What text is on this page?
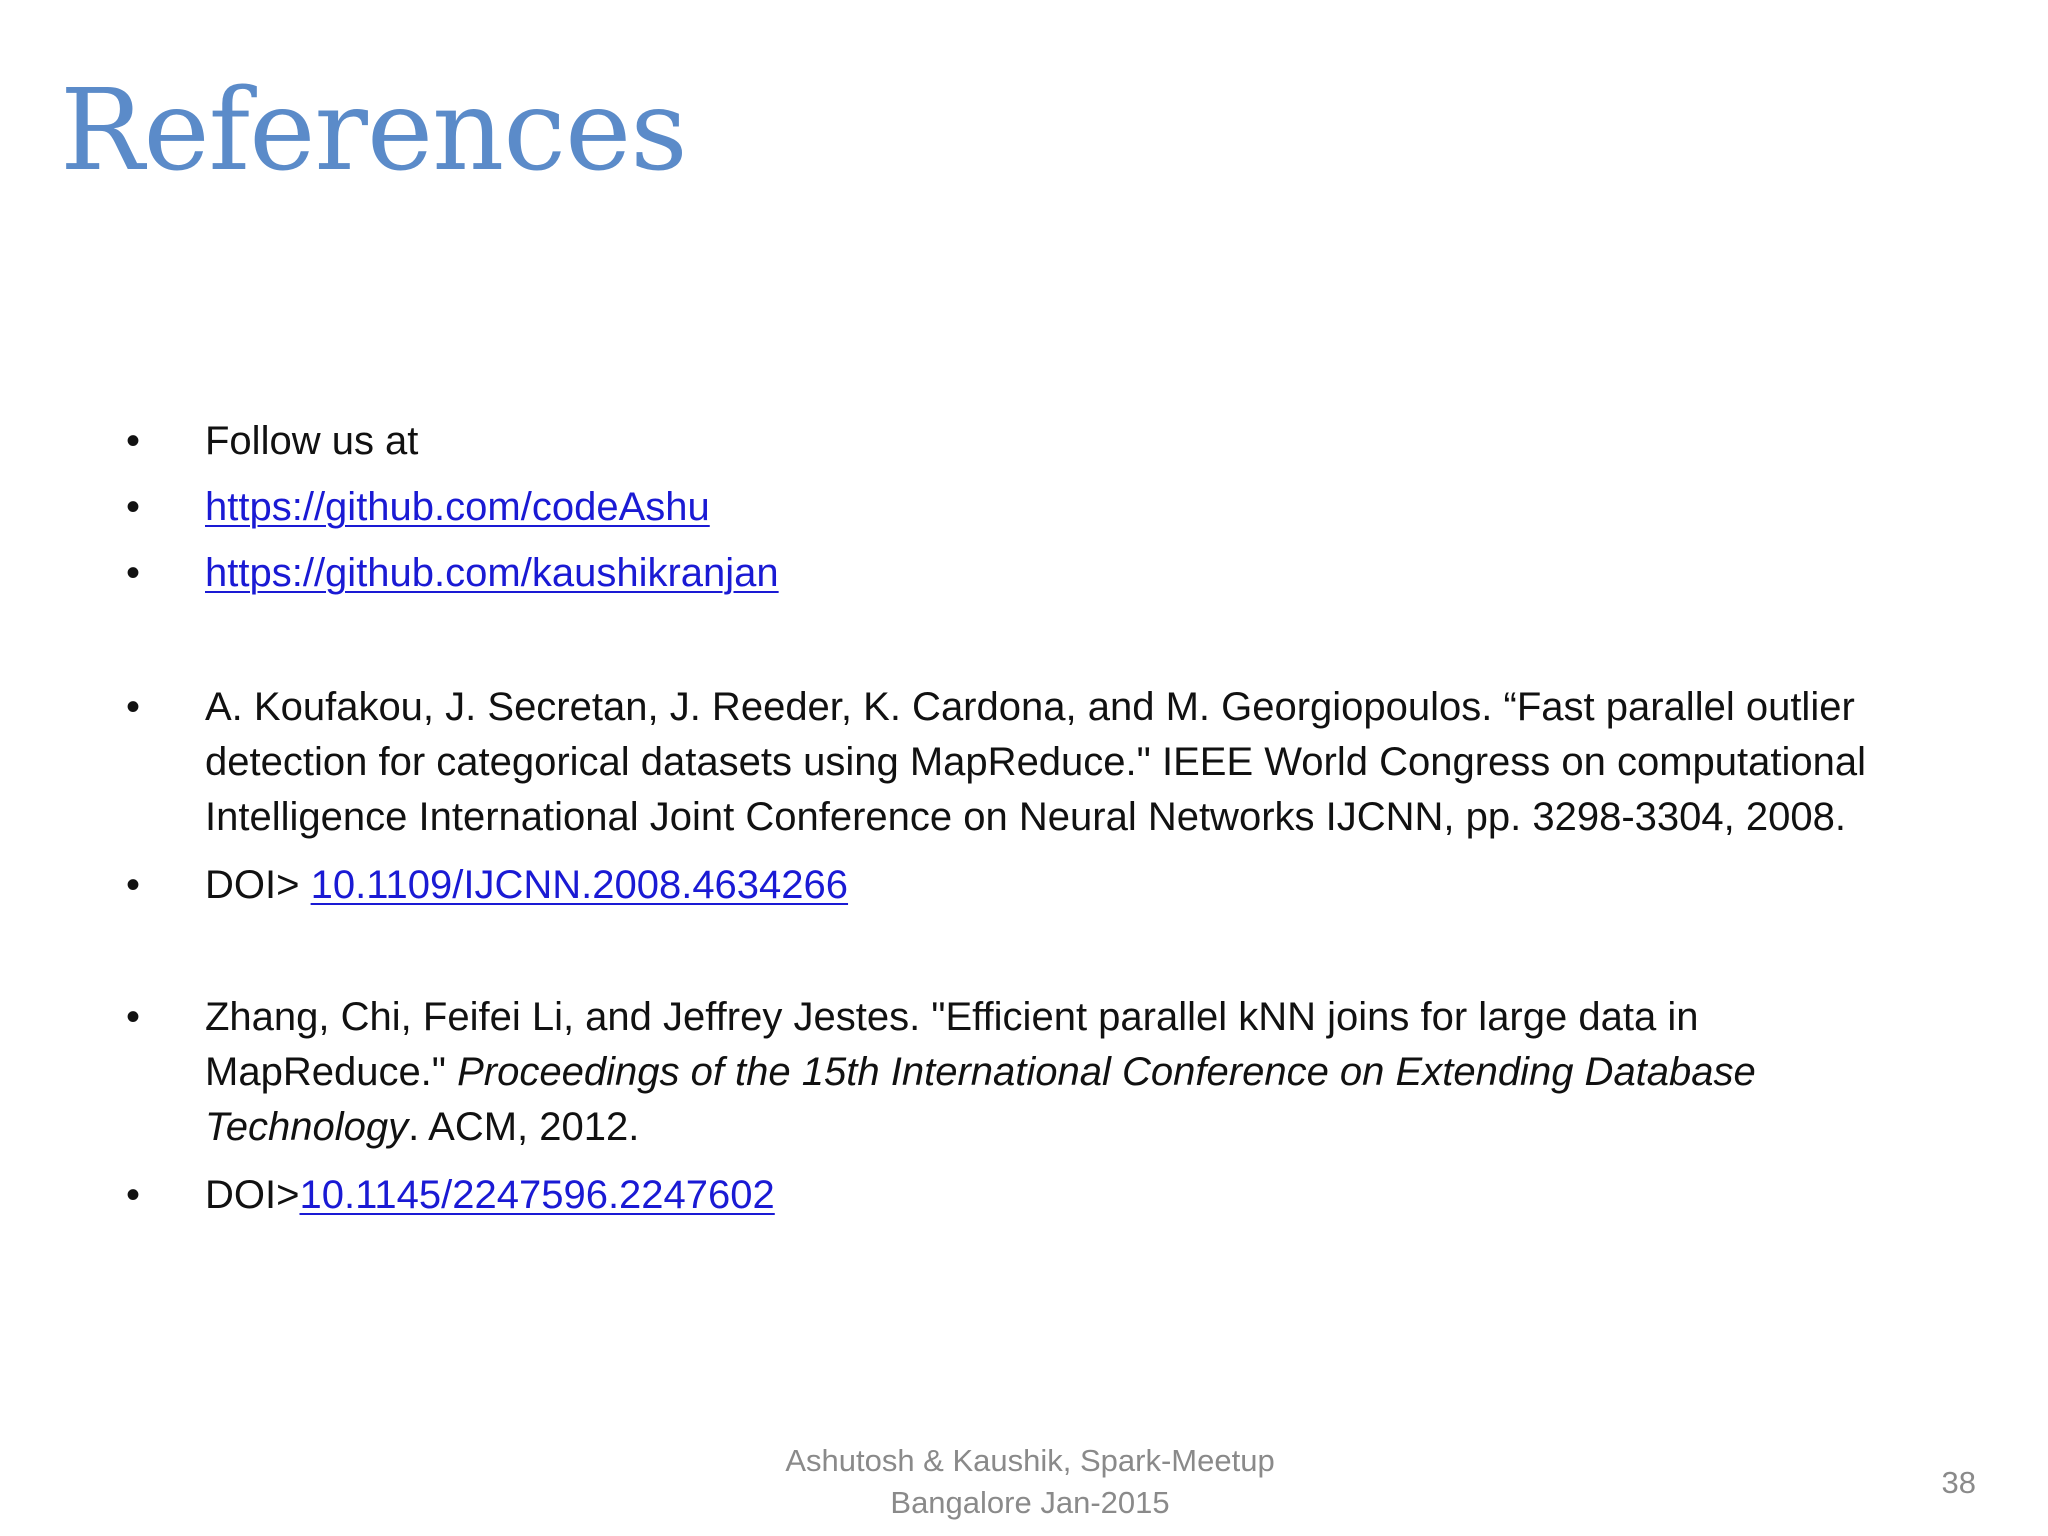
References
• Follow us at
• https://github.com/codeAshu
• https://github.com/kaushikranjan
• A. Koufakou, J. Secretan, J. Reeder, K. Cardona, and M. Georgiopoulos. “Fast parallel outlier
detection for categorical datasets using MapReduce." IEEE World Congress on computational
Intelligence International Joint Conference on Neural Networks IJCNN, pp. 3298-3304, 2008.
• DOI> 10.1109/IJCNN.2008.4634266
• Zhang, Chi, Feifei Li, and Jeffrey Jestes. "Efficient parallel kNN joins for large data in
MapReduce." Proceedings of the 15th International Conference on Extending Database
Technology. ACM, 2012.
• DOI>10.1145/2247596.2247602
Ashutosh & Kaushik, Spark-Meetup
Bangalore Jan-2015
38
